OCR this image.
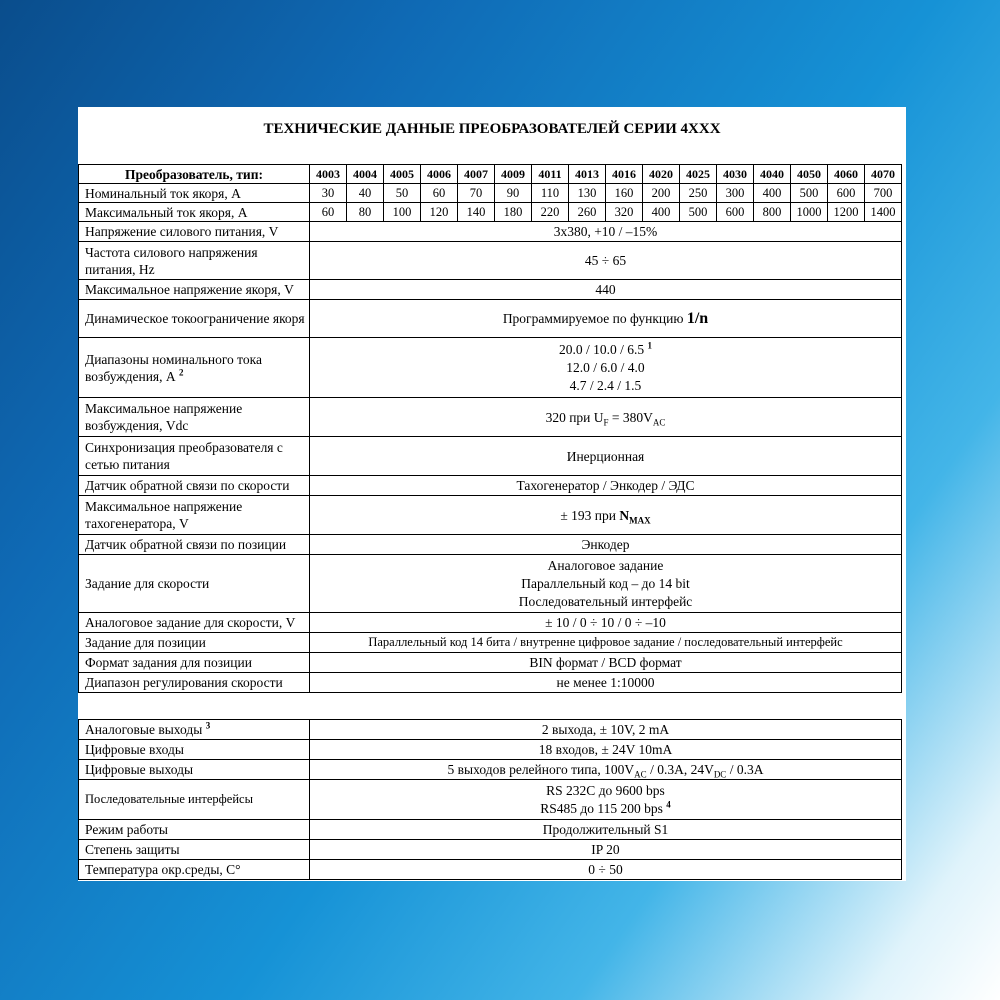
ТЕХНИЧЕСКИЕ ДАННЫЕ ПРЕОБРАЗОВАТЕЛЕЙ СЕРИИ 4ХХХ
Преобразователь, тип:	4003	4004	4005	4006	4007	4009	4011	4013	4016	4020	4025	4030	4040	4050	4060	4070
Номинальный ток якоря, А	30	40	50	60	70	90	110	130	160	200	250	300	400	500	600	700
Максимальный ток якоря, А	60	80	100	120	140	180	220	260	320	400	500	600	800	1000	1200	1400
Напряжение силового питания, V	3x380, +10 / –15%															
Частота силового напряжения питания, Hz	45 ÷ 65															
Максимальное напряжение якоря, V	440															
Динамическое токоограничение якоря	Программируемое по функцию 1/n															
Диапазоны номинального тока возбуждения, А $^2$	20.0 / 10.0 / 6.5 $^1$
12.0 / 6.0 / 4.0
4.7 / 2.4 / 1.5															

Максимальное напряжение возбуждения, Vdc	320 при $U_F = 380V_{AC}$
Синхронизация преобразователя с сетью питания	Инерционная															
Датчик обратной связи по скорости	Тахогенератор / Энкодер / ЭДС															
Максимальное напряжение тахогенератора, V	± 193 при $N_{MAX}$
Датчик обратной связи по позиции	Энкодер															
Задание для скорости	Аналоговое задание
Параллельный код – до 14 bit
Последовательный интерфейс															

Аналоговое задание для скорости, V	± 10 / 0 ÷ 10 / 0 ÷ –10															
Задание для позиции	Параллельный код 14 бита / внутренне цифровое задание / последовательный интерфейс															
Формат задания для позиции	BIN формат / BCD формат															
Диапазон регулирования скорости	не менее 1:10000															
Аналоговые выходы $^3$	2 выхода, ± 10V, 2 mA
Цифровые входы	18 входов, ± 24V 10mA
Цифровые выходы	5 выходов релейного типа, $100V_{AC} / 0.3A$, $24V_{DC} / 0.3A$
Последовательные интерфейсы	RS 232C до 9600 bps
RS485 до 115 200 bps $^4$

Режим работы	Продолжительный S1
Степень защиты	IP 20
Температура окр.среды, С°	0 ÷ 50
